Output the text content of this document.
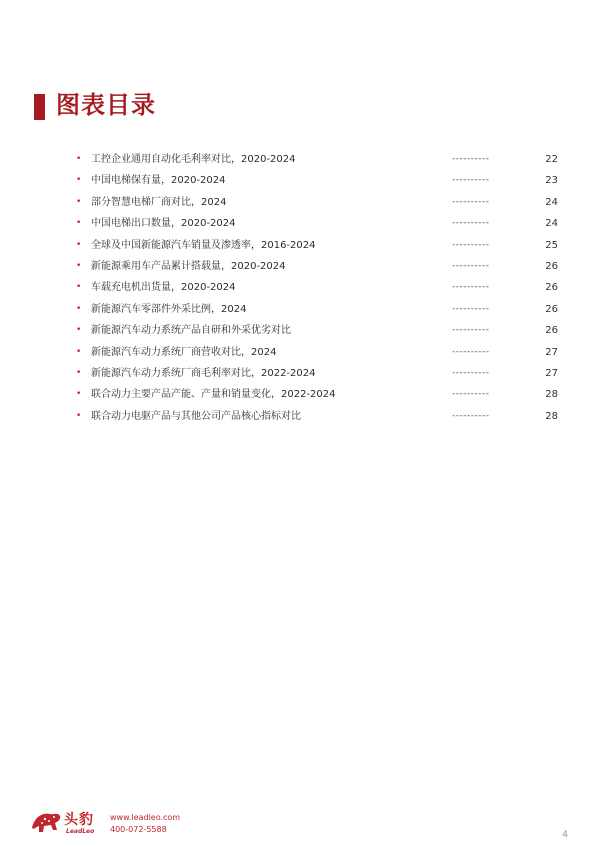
图表目录
• 工控企业通用自动化毛利率对比，2020-2024	----------	22
• 中国电梯保有量，2020-2024	----------	23
• 部分智慧电梯厂商对比，2024	----------	24
• 中国电梯出口数量，2020-2024	----------	24
• 全球及中国新能源汽车销量及渗透率，2016-2024	----------	25
• 新能源乘用车产品累计搭载量，2020-2024	----------	26
• 车载充电机出货量，2020-2024	----------	26
• 新能源汽车零部件外采比例，2024	----------	26
• 新能源汽车动力系统产品自研和外采优劣对比	----------	26
• 新能源汽车动力系统厂商营收对比，2024	----------	27
• 新能源汽车动力系统厂商毛利率对比，2022-2024	----------	27
• 联合动力主要产品产能、产量和销量变化，2022-2024	----------	28
• 联合动力电驱产品与其他公司产品核心指标对比	----------	28
头豹
LeadLeo
www.leadleo.com
400-072-5588
4
